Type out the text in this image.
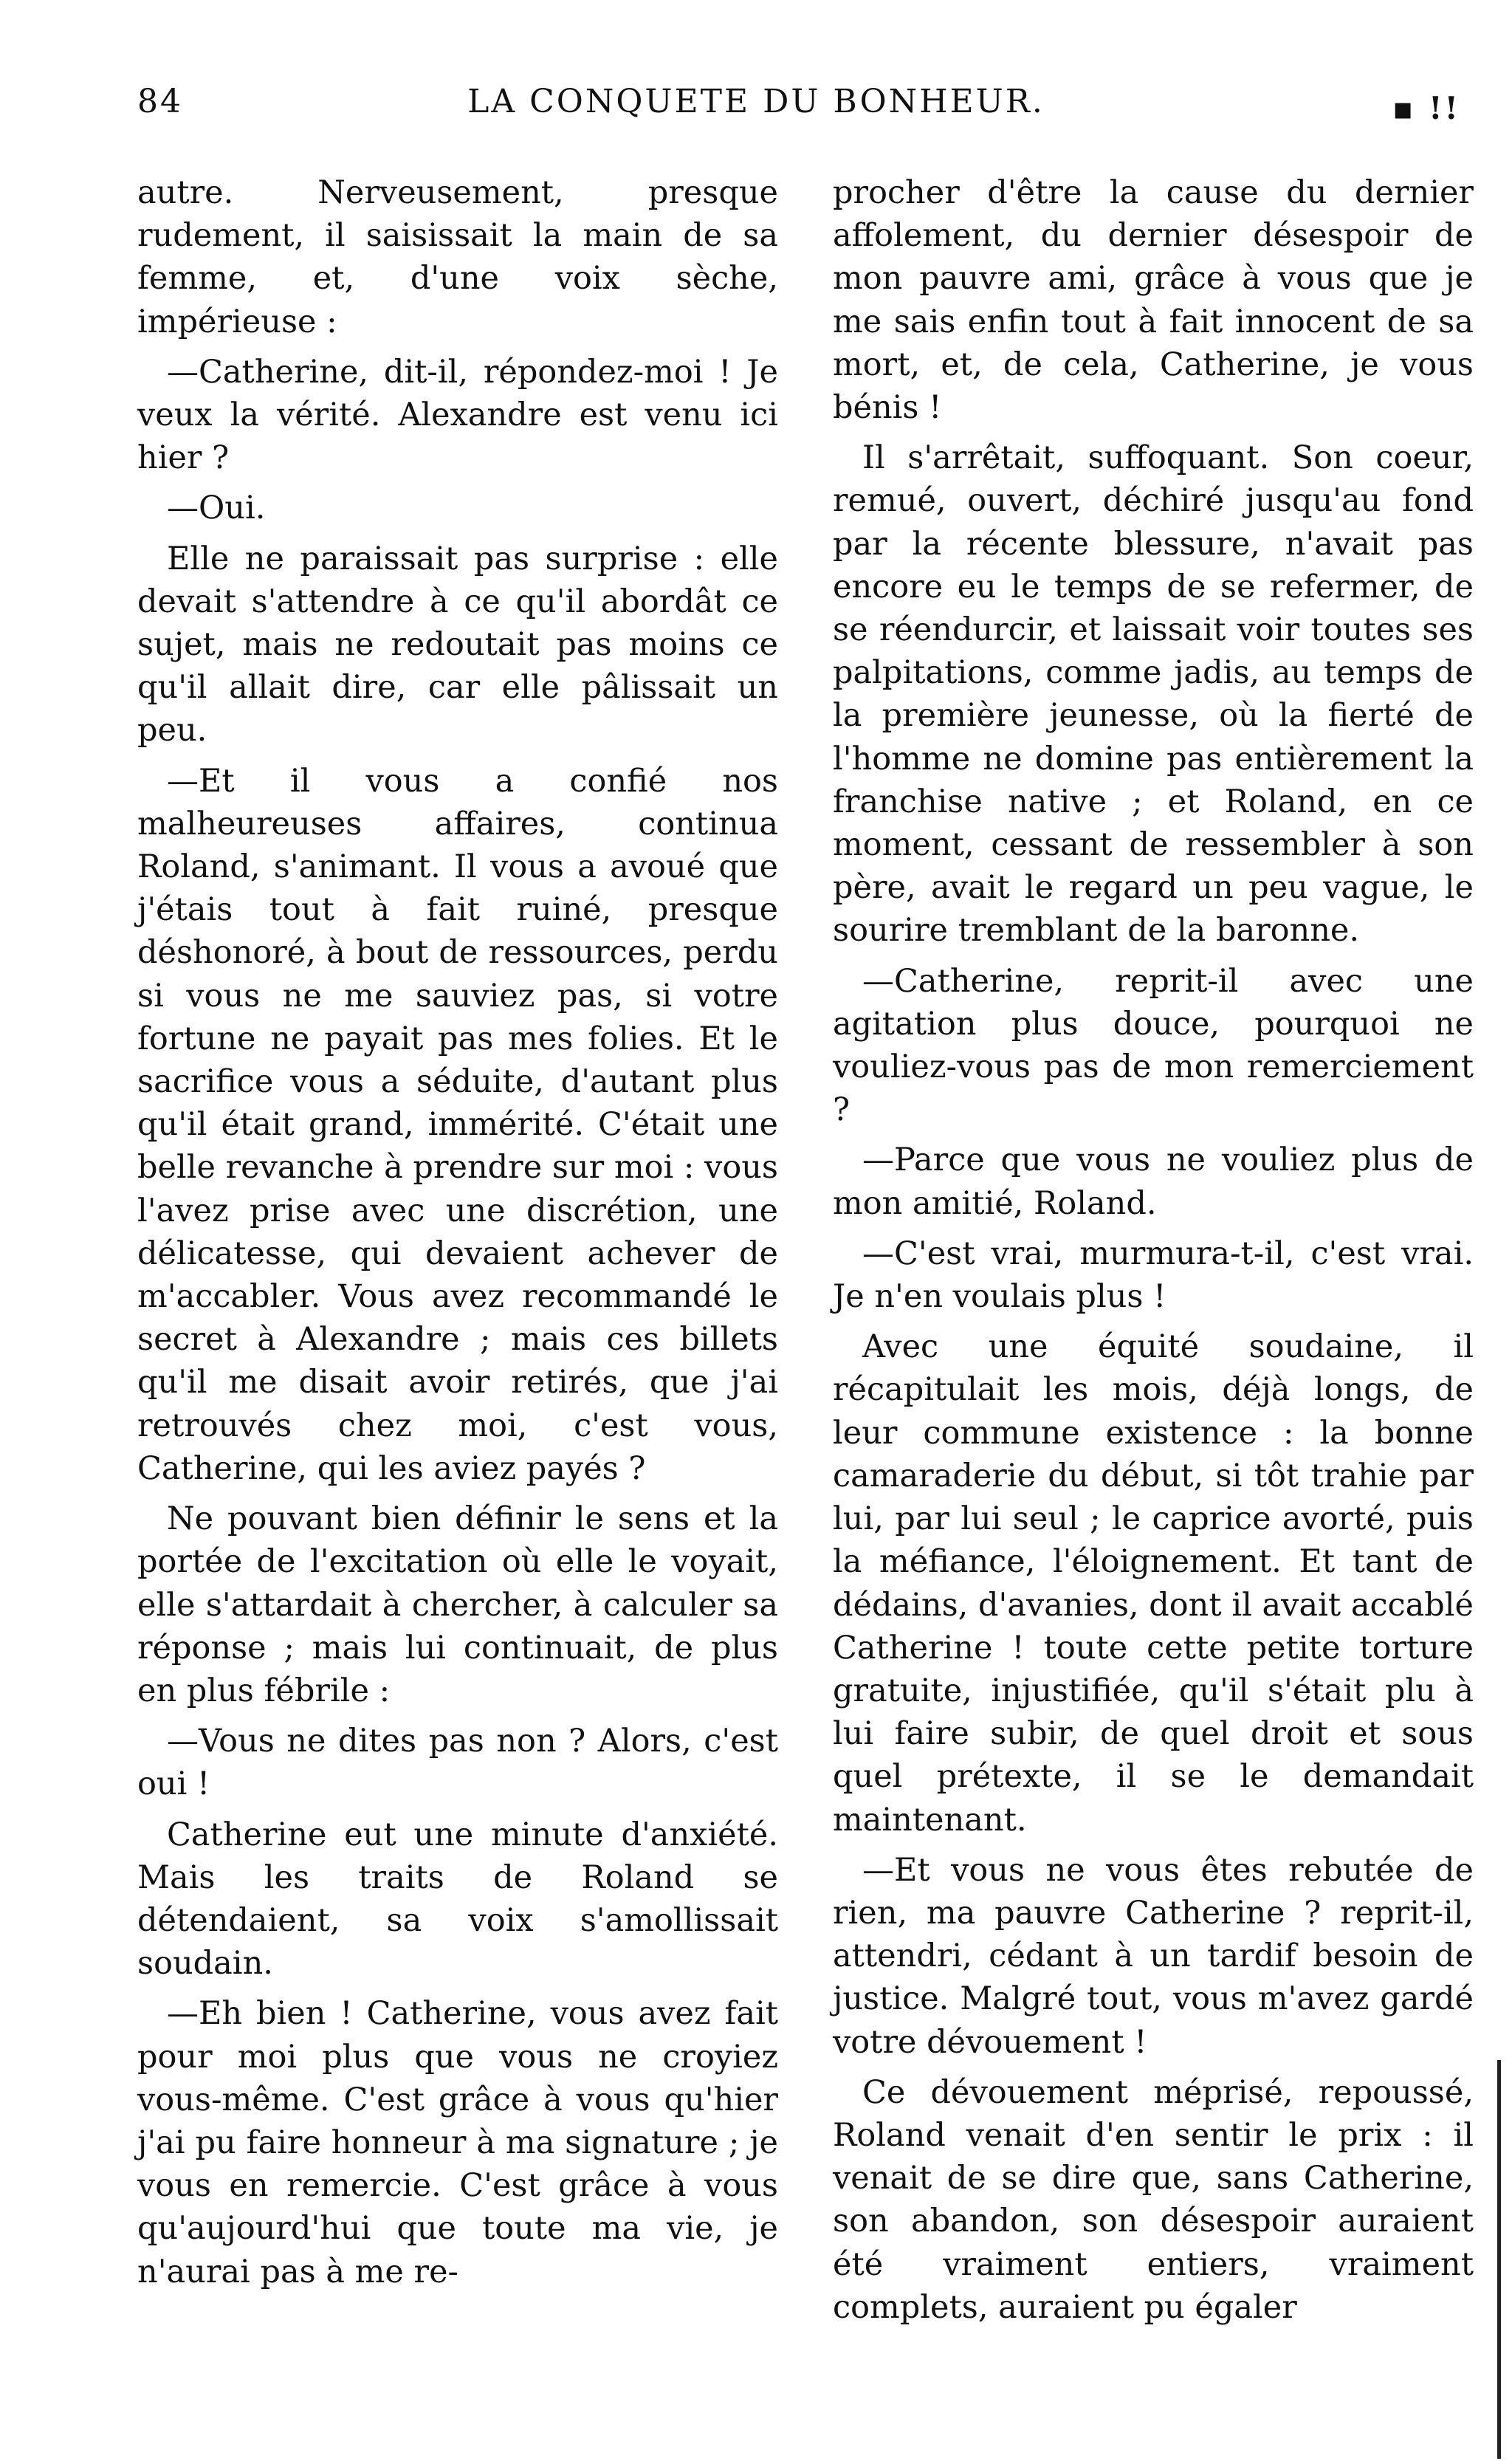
84	LA CONQUETE DU BONHEUR.	▪ !!

autre. Nerveusement, presque rudement, il saisissait la main de sa femme, et, d'une voix sèche, impérieuse :

—Catherine, dit-il, répondez-moi ! Je veux la vérité. Alexandre est venu ici hier ?

—Oui.

Elle ne paraissait pas surprise : elle devait s'attendre à ce qu'il abordât ce sujet, mais ne redoutait pas moins ce qu'il allait dire, car elle pâlissait un peu.

—Et il vous a confié nos malheureuses affaires, continua Roland, s'animant. Il vous a avoué que j'étais tout à fait ruiné, presque déshonoré, à bout de ressources, perdu si vous ne me sauviez pas, si votre fortune ne payait pas mes folies. Et le sacrifice vous a séduite, d'autant plus qu'il était grand, immérité. C'était une belle revanche à prendre sur moi : vous l'avez prise avec une discrétion, une délicatesse, qui devaient achever de m'accabler. Vous avez recommandé le secret à Alexandre ; mais ces billets qu'il me disait avoir retirés, que j'ai retrouvés chez moi, c'est vous, Catherine, qui les aviez payés ?

Ne pouvant bien définir le sens et la portée de l'excitation où elle le voyait, elle s'attardait à chercher, à calculer sa réponse ; mais lui continuait, de plus en plus fébrile :

—Vous ne dites pas non ? Alors, c'est oui !

Catherine eut une minute d'anxiété. Mais les traits de Roland se détendaient, sa voix s'amollissait soudain.

—Eh bien ! Catherine, vous avez fait pour moi plus que vous ne croyiez vous-même. C'est grâce à vous qu'hier j'ai pu faire honneur à ma signature ; je vous en remercie. C'est grâce à vous qu'aujourd'hui que toute ma vie, je n'aurai pas à me re-

procher d'être la cause du dernier affolement, du dernier désespoir de mon pauvre ami, grâce à vous que je me sais enfin tout à fait innocent de sa mort, et, de cela, Catherine, je vous bénis !

Il s'arrêtait, suffoquant. Son coeur, remué, ouvert, déchiré jusqu'au fond par la récente blessure, n'avait pas encore eu le temps de se refermer, de se réendurcir, et laissait voir toutes ses palpitations, comme jadis, au temps de la première jeunesse, où la fierté de l'homme ne domine pas entièrement la franchise native ; et Roland, en ce moment, cessant de ressembler à son père, avait le regard un peu vague, le sourire tremblant de la baronne.

—Catherine, reprit-il avec une agitation plus douce, pourquoi ne vouliez-vous pas de mon remerciement ?

—Parce que vous ne vouliez plus de mon amitié, Roland.

—C'est vrai, murmura-t-il, c'est vrai. Je n'en voulais plus !

Avec une équité soudaine, il récapitulait les mois, déjà longs, de leur commune existence : la bonne camaraderie du début, si tôt trahie par lui, par lui seul ; le caprice avorté, puis la méfiance, l'éloignement. Et tant de dédains, d'avanies, dont il avait accablé Catherine ! toute cette petite torture gratuite, injustifiée, qu'il s'était plu à lui faire subir, de quel droit et sous quel prétexte, il se le demandait maintenant.

—Et vous ne vous êtes rebutée de rien, ma pauvre Catherine ? reprit-il, attendri, cédant à un tardif besoin de justice. Malgré tout, vous m'avez gardé votre dévouement !

Ce dévouement méprisé, repoussé, Roland venait d'en sentir le prix : il venait de se dire que, sans Catherine, son abandon, son désespoir auraient été vraiment entiers, vraiment complets, auraient pu égaler
